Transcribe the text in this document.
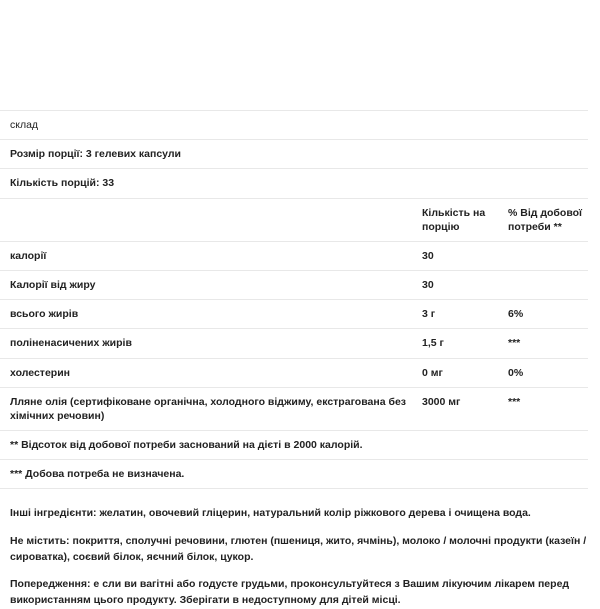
склад		
Розмір порції: 3 гелевих капсули		
Кількість порцій: 33		
	Кількість на порцію	% Від добової потреби **
калорії	30	
Калорії від жиру	30	
всього жирів	3 г	6%
поліненасичених жирів	1,5 г	***
холестерин	0 мг	0%
Лляне олія (сертифіковане органічна, холодного віджиму, екстрагована без хімічних речовин)	3000 мг	***
** Відсоток від добової потреби заснований на дієті в 2000 калорій.		
*** Добова потреба не визначена.		

Інші інгредієнти: желатин, овочевий гліцерин, натуральний колір ріжкового дерева і очищена вода.

Не містить: покриття, сполучні речовини, глютен (пшениця, жито, ячмінь), молоко / молочні продукти (казеїн / сироватка), соєвий білок, яєчний білок, цукор.

Попередження: е сли ви вагітні або годусте грудьми, проконсультуйтеся з Вашим лікуючим лікарем перед використанням цього продукту. Зберігати в недоступному для дітей місці.
